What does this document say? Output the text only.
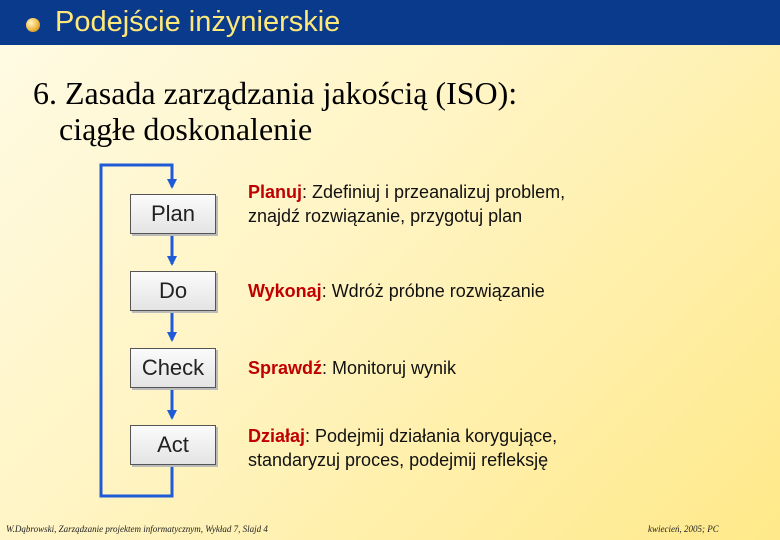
Podejście inżynierskie
6. Zasada zarządzania jakością (ISO):
ciągłe doskonalenie
Plan
Do
Check
Act
Planuj: Zdefiniuj i przeanalizuj problem,
znajdź rozwiązanie, przygotuj plan
Wykonaj: Wdróż próbne rozwiązanie
Sprawdź: Monitoruj wynik
Działaj: Podejmij działania korygujące,
standaryzuj proces, podejmij refleksję
W.Dąbrowski, Zarządzanie projektem informatycznym, Wykład 7, Slajd 4	kwiecień, 2005; PC
